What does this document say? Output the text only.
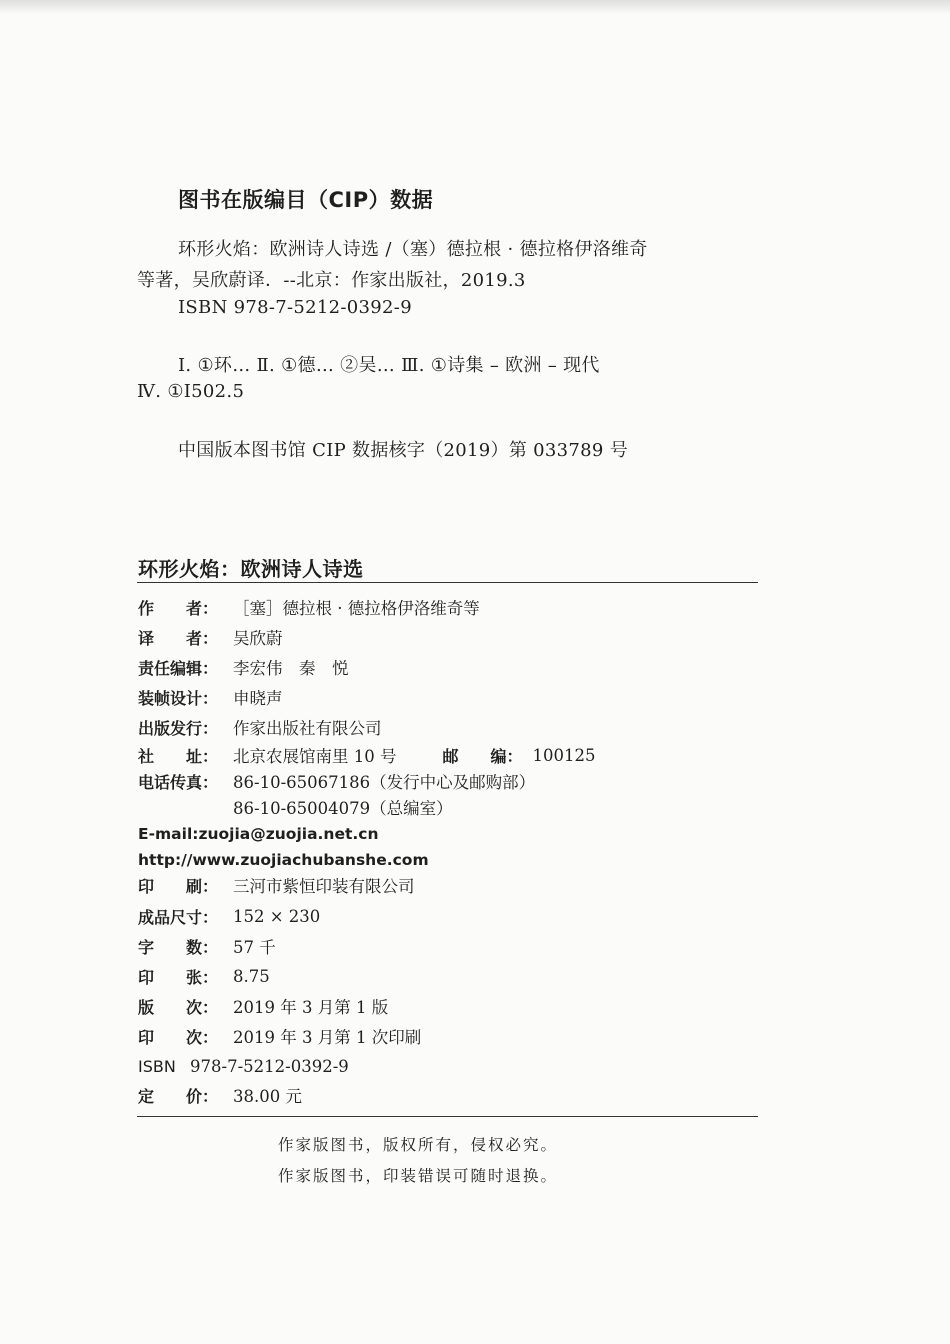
图书在版编目（CIP）数据
环形火焰：欧洲诗人诗选 /（塞）德拉根 · 德拉格伊洛维奇
等著，吴欣蔚译．--北京：作家出版社，2019.3
ISBN 978-7-5212-0392-9
Ⅰ. ①环… Ⅱ. ①德… ②吴… Ⅲ. ①诗集 – 欧洲 – 现代
Ⅳ. ①I502.5
中国版本图书馆 CIP 数据核字（2019）第 033789 号
环形火焰：欧洲诗人诗选
作　　者： ［塞］德拉根 · 德拉格伊洛维奇等
译　　者： 吴欣蔚
责任编辑： 李宏伟　秦　悦
装帧设计： 申晓声
出版发行： 作家出版社有限公司
社　　址： 北京农展馆南里 10 号	邮　　编： 100125
电话传真： 86-10-65067186（发行中心及邮购部）
86-10-65004079（总编室）
E-mail:zuojia@zuojia.net.cn
http://www.zuojiachubanshe.com
印　　刷： 三河市紫恒印装有限公司
成品尺寸： 152 × 230
字　　数： 57 千
印　　张： 8.75
版　　次： 2019 年 3 月第 1 版
印　　次： 2019 年 3 月第 1 次印刷
ISBN 978-7-5212-0392-9
定　　价： 38.00 元
作家版图书，版权所有，侵权必究。
作家版图书，印装错误可随时退换。
